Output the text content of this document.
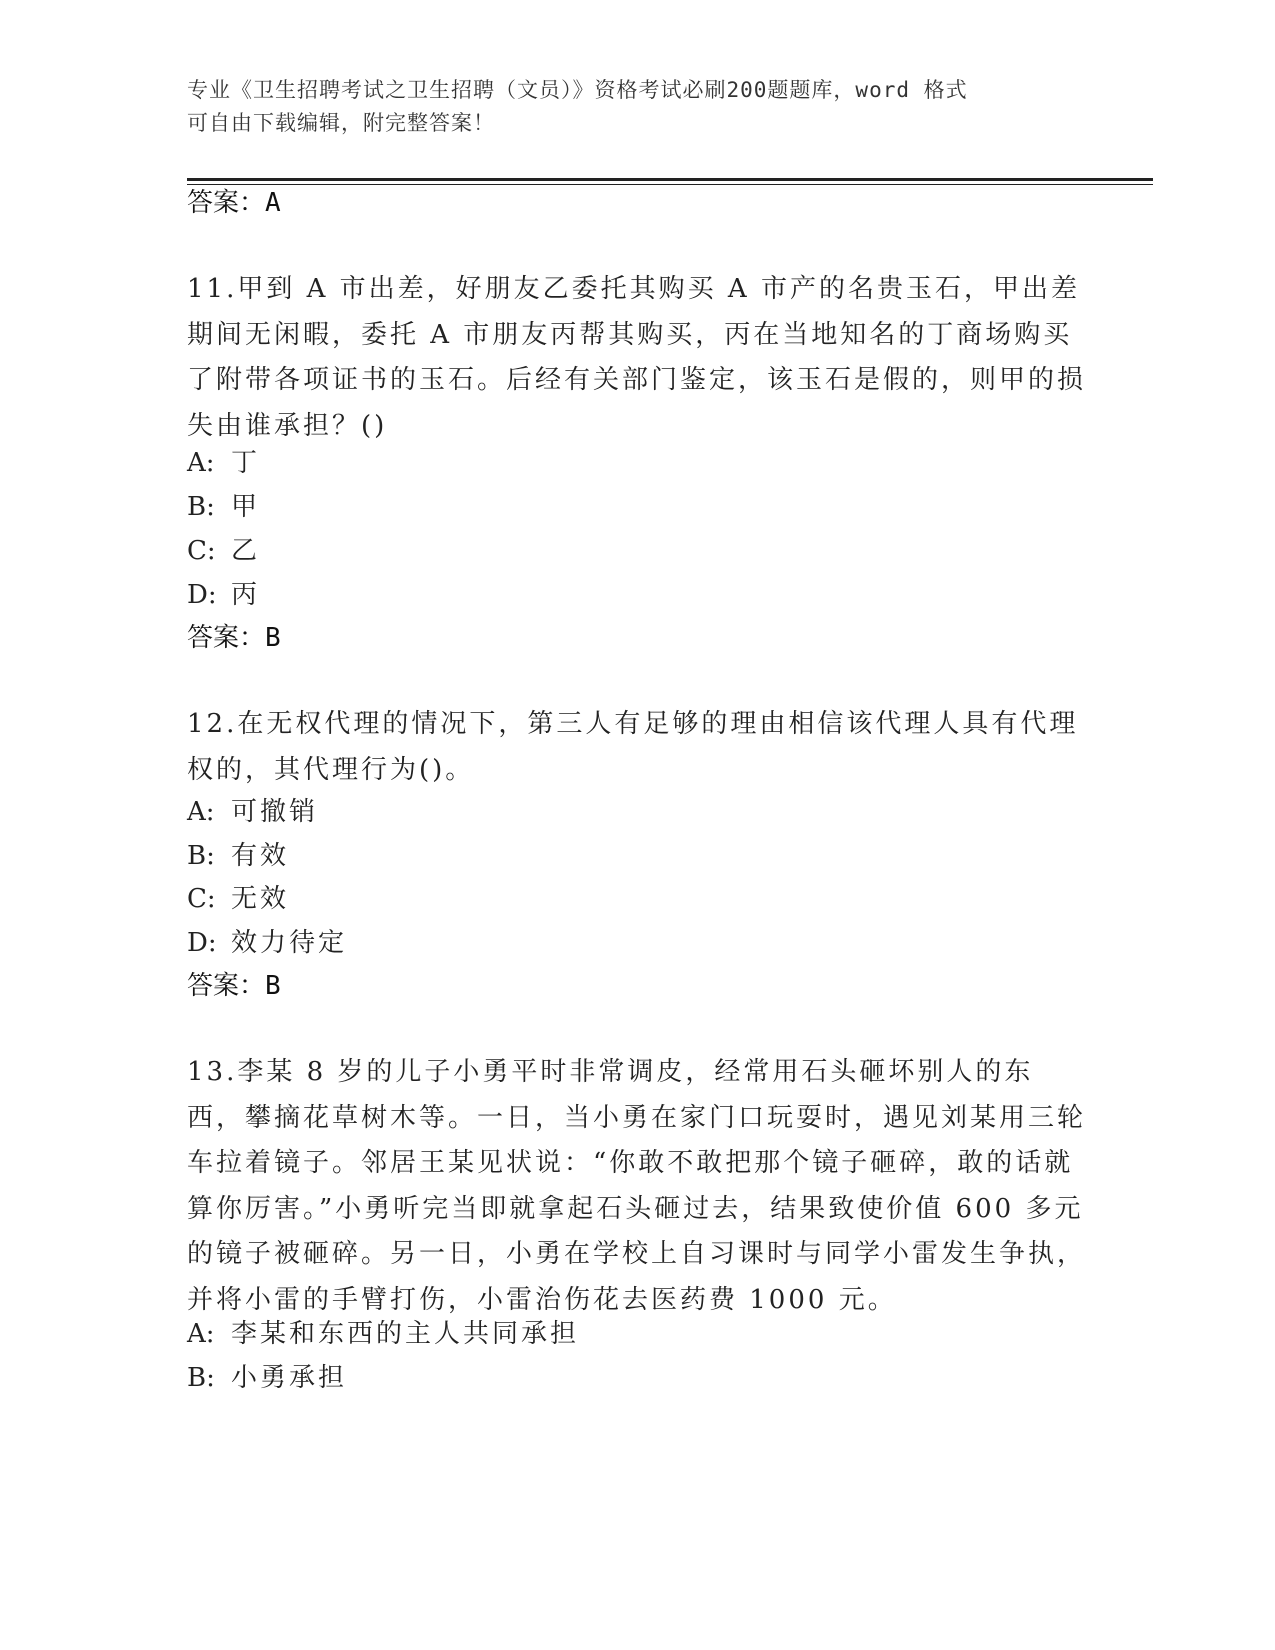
专业《卫生招聘考试之卫生招聘（文员）》资格考试必刷200题题库，word 格式
可自由下载编辑，附完整答案！
答案：A
11.甲到 A 市出差，好朋友乙委托其购买 A 市产的名贵玉石，甲出差期间无闲暇，委托 A 市朋友丙帮其购买，丙在当地知名的丁商场购买了附带各项证书的玉石。后经有关部门鉴定，该玉石是假的，则甲的损失由谁承担？()
A: 丁
B: 甲
C: 乙
D: 丙
答案：B
12.在无权代理的情况下，第三人有足够的理由相信该代理人具有代理权的，其代理行为()。
A: 可撤销
B: 有效
C: 无效
D: 效力待定
答案：B
13.李某 8 岁的儿子小勇平时非常调皮，经常用石头砸坏别人的东西，攀摘花草树木等。一日，当小勇在家门口玩耍时，遇见刘某用三轮车拉着镜子。邻居王某见状说：“你敢不敢把那个镜子砸碎，敢的话就算你厉害。”小勇听完当即就拿起石头砸过去，结果致使价值 600 多元的镜子被砸碎。另一日，小勇在学校上自习课时与同学小雷发生争执，并将小雷的手臂打伤，小雷治伤花去医药费 1000 元。
A: 李某和东西的主人共同承担
B: 小勇承担
